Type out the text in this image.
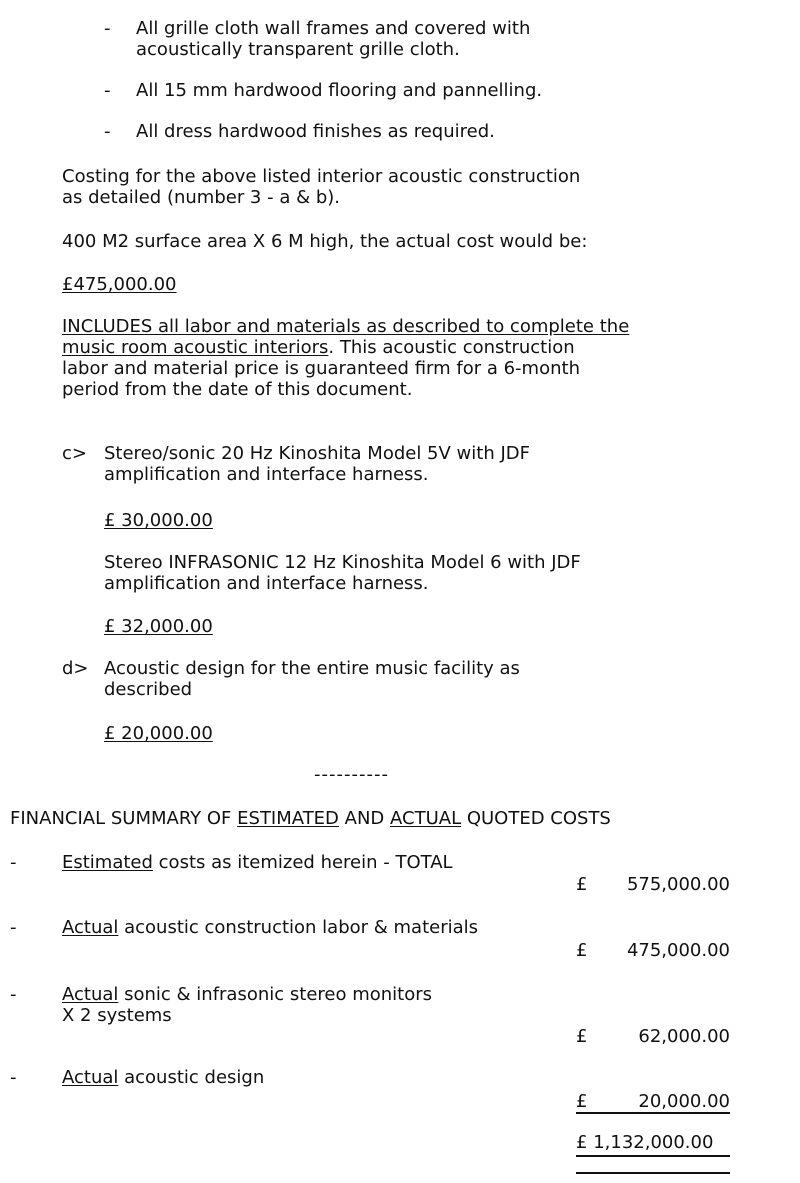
-	All grille cloth wall frames and covered with
acoustically transparent grille cloth.
-	All 15 mm hardwood flooring and pannelling.
-	All dress hardwood finishes as required.
Costing for the above listed interior acoustic construction
as detailed (number 3 - a & b).
400 M2 surface area X 6 M high, the actual cost would be:
£475,000.00
INCLUDES all labor and materials as described to complete the
music room acoustic interiors. This acoustic construction
labor and material price is guaranteed firm for a 6-month
period from the date of this document.
c> Stereo/sonic 20 Hz Kinoshita Model 5V with JDF
amplification and interface harness.
£ 30,000.00
Stereo INFRASONIC 12 Hz Kinoshita Model 6 with JDF
amplification and interface harness.
£ 32,000.00
d> Acoustic design for the entire music facility as
described
£ 20,000.00
----------
FINANCIAL SUMMARY OF ESTIMATED AND ACTUAL QUOTED COSTS
-	Estimated costs as itemized herein - TOTAL
£ 575,000.00
-	Actual acoustic construction labor & materials
£ 475,000.00
-	Actual sonic & infrasonic stereo monitors
X 2 systems
£	62,000.00
-	Actual acoustic design
£	20,000.00
£ 1,132,000.00
